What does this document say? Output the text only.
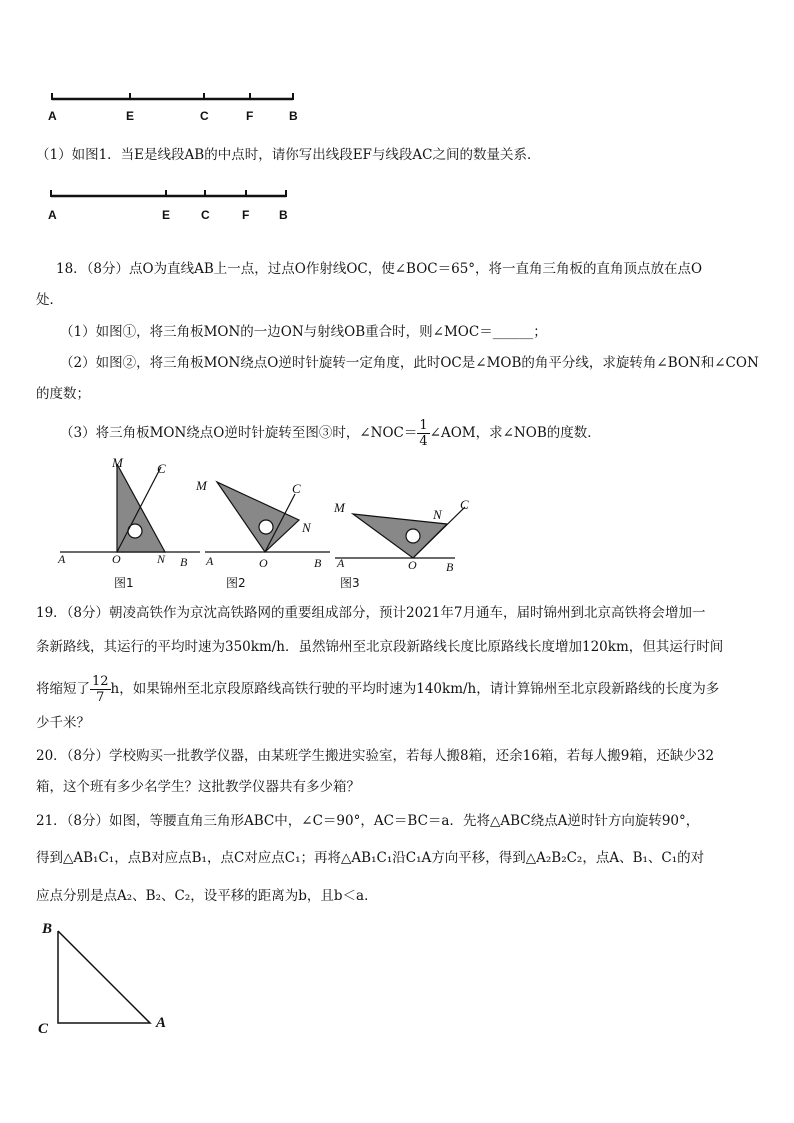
A	E	C	F	B
（1）如图1．当E是线段AB的中点时，请你写出线段EF与线段AC之间的数量关系．
A	E	C	F B
18．（8分）点O为直线AB上一点，过点O作射线OC，使∠BOC＝65°，将一直角三角板的直角顶点放在点O
处．
（1）如图①，将三角板MON的一边ON与射线OB重合时，则∠MOC＝______；
（2）如图②，将三角板MON绕点O逆时针旋转一定角度，此时OC是∠MOB的角平分线，求旋转角∠BON和∠CON
的度数；
（3）将三角板MON绕点O逆时针旋转至图③时，∠NOC＝ $\frac{1}{4}$ ∠AOM，求∠NOB的度数．
M	C
A	O	N B
图1
M	C
N
A	O	B
图2
M	C
N
A	O B
图3
19．（8分）朝凌高铁作为京沈高铁路网的重要组成部分，预计2021年7月通车，届时锦州到北京高铁将会增加一
条新路线，其运行的平均时速为350km/h．虽然锦州至北京段新路线长度比原路线长度增加120km，但其运行时间
将缩短了 $\frac{12}{7}$ h，如果锦州至北京段原路线高铁行驶的平均时速为140km/h，请计算锦州至北京段新路线的长度为多
少千米？
20．（8分）学校购买一批教学仪器，由某班学生搬进实验室，若每人搬8箱，还余16箱，若每人搬9箱，还缺少32
箱，这个班有多少名学生？这批教学仪器共有多少箱？
21．（8分）如图，等腰直角三角形ABC中，∠C＝90°，AC＝BC＝a．先将△ABC绕点A逆时针方向旋转90°，
得到△AB₁C₁，点B对应点B₁，点C对应点C₁；再将△AB₁C₁沿C₁A方向平移，得到△A₂B₂C₂，点A、B₁、C₁的对
应点分别是点A₂、B₂、C₂，设平移的距离为b，且b＜a．
B
C	A
